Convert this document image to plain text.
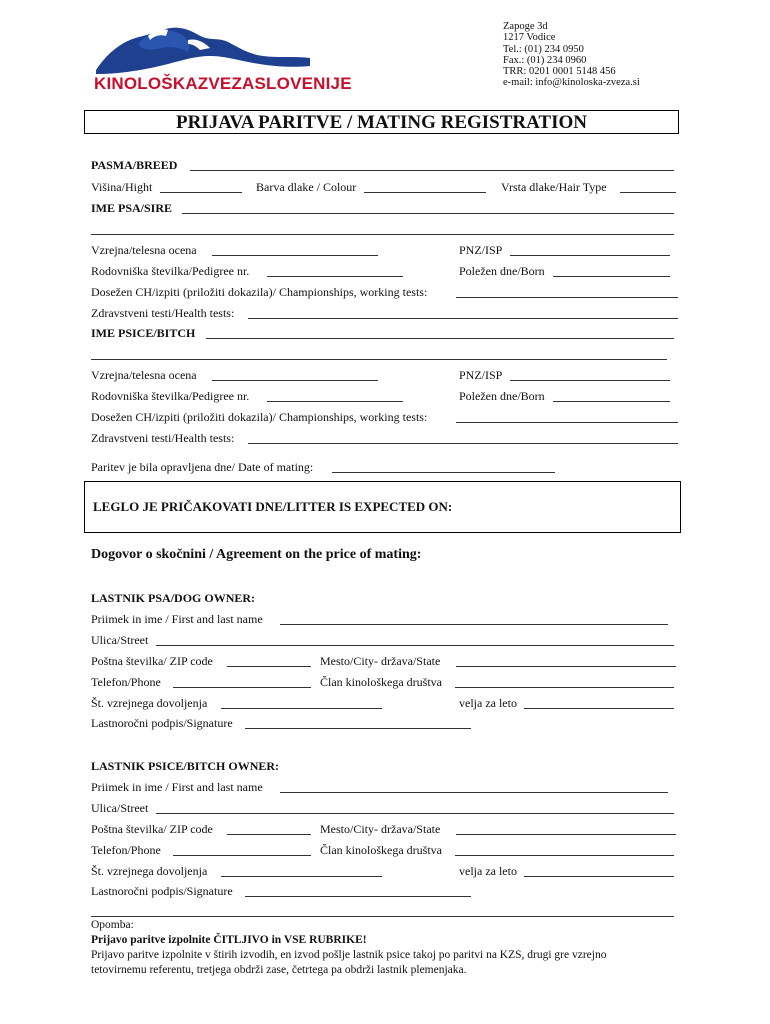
KINOLOŠKAZVEZASLOVENIJE
Zapoge 3d
1217 Vodice
Tel.: (01) 234 0950
Fax.: (01) 234 0960
TRR: 0201 0001 5148 456
e-mail: info@kinoloska-zveza.si
PRIJAVA PARITVE / MATING REGISTRATION
PASMA/BREED
Višina/Hight	Barva dlake / Colour	Vrsta dlake/Hair Type
IME PSA/SIRE
Vzrejna/telesna ocena	PNZ/ISP
Rodovniška številka/Pedigree nr.	Poležen dne/Born
Dosežen CH/izpiti (priložiti dokazila)/ Championships, working tests:
Zdravstveni testi/Health tests:
IME PSICE/BITCH
Vzrejna/telesna ocena	PNZ/ISP
Rodovniška številka/Pedigree nr.	Poležen dne/Born
Dosežen CH/izpiti (priložiti dokazila)/ Championships, working tests:
Zdravstveni testi/Health tests:
Paritev je bila opravljena dne/ Date of mating:
LEGLO JE PRIČAKOVATI DNE/LITTER IS EXPECTED ON:
Dogovor o skočnini / Agreement on the price of mating:
LASTNIK PSA/DOG OWNER:
Priimek in ime / First and last name
Ulica/Street
Poštna številka/ ZIP code	Mesto/City- država/State
Telefon/Phone	Član kinološkega društva
Št. vzrejnega dovoljenja	velja za leto
Lastnoročni podpis/Signature
LASTNIK PSICE/BITCH OWNER:
Priimek in ime / First and last name
Ulica/Street
Poštna številka/ ZIP code	Mesto/City- država/State
Telefon/Phone	Član kinološkega društva
Št. vzrejnega dovoljenja	velja za leto
Lastnoročni podpis/Signature
Opomba:
Prijavo paritve izpolnite ČITLJIVO in VSE RUBRIKE!
Prijavo paritve izpolnite v štirih izvodih, en izvod pošlje lastnik psice takoj po paritvi na KZS, drugi gre vzrejno
tetovirnemu referentu, tretjega obdrži zase, četrtega pa obdrži lastnik plemenjaka.
